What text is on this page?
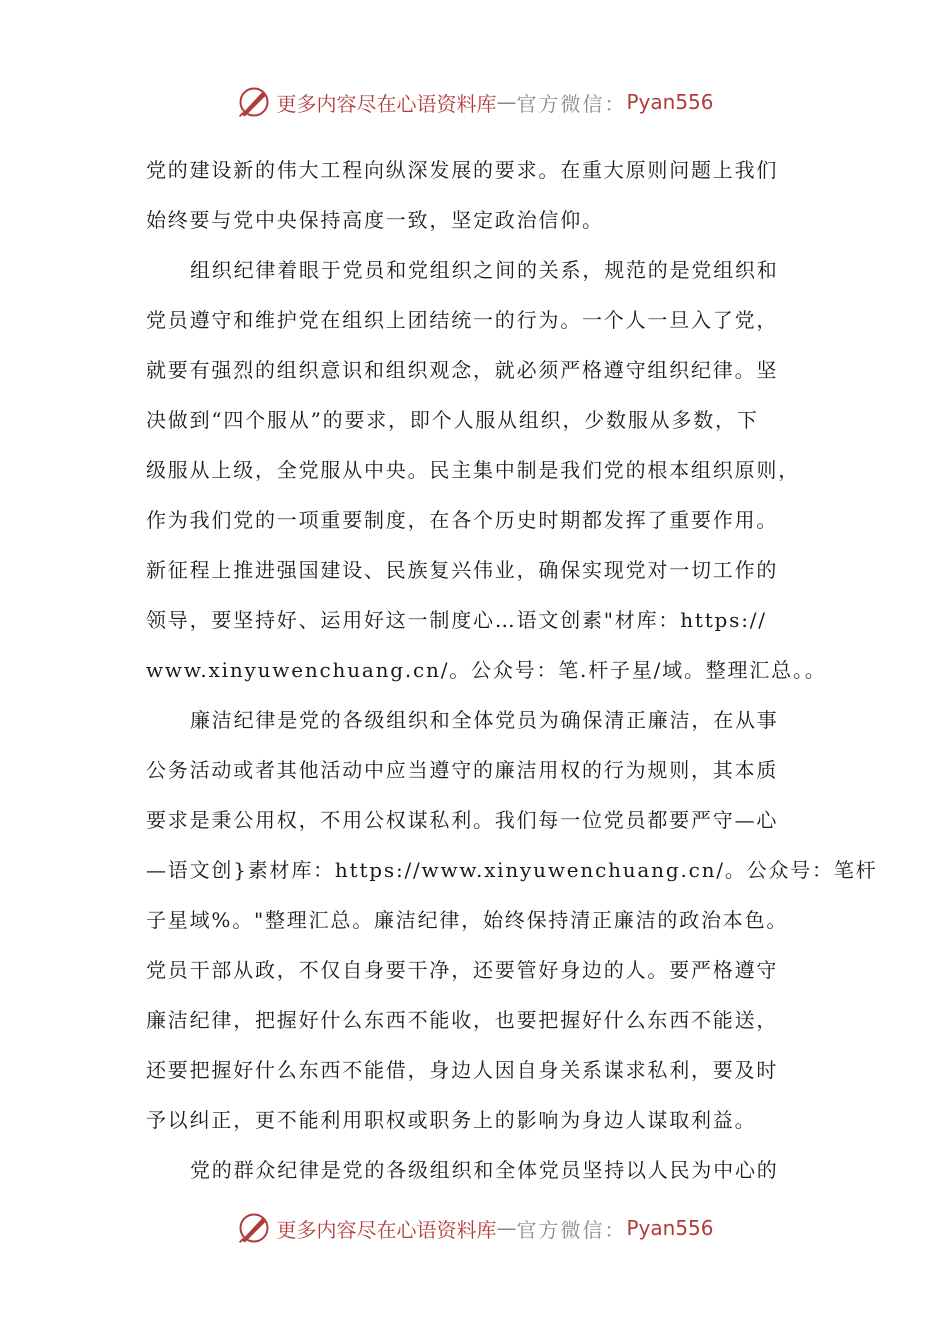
更多内容尽在心语资料库 — 官方微信： Pyan556
党的建设新的伟大工程向纵深发展的要求。在重大原则问题上我们
始终要与党中央保持高度一致，坚定政治信仰。
组织纪律着眼于党员和党组织之间的关系，规范的是党组织和
党员遵守和维护党在组织上团结统一的行为。一个人一旦入了党，
就要有强烈的组织意识和组织观念，就必须严格遵守组织纪律。坚
决做到“四个服从”的要求，即个人服从组织，少数服从多数，下
级服从上级，全党服从中央。民主集中制是我们党的根本组织原则，
作为我们党的一项重要制度，在各个历史时期都发挥了重要作用。
新征程上推进强国建设、民族复兴伟业，确保实现党对一切工作的
领导，要坚持好、运用好这一制度心…语文创素"材库：https://
www.xinyuwenchuang.cn/。公众号：笔.杆子星/域。整理汇总。。
廉洁纪律是党的各级组织和全体党员为确保清正廉洁，在从事
公务活动或者其他活动中应当遵守的廉洁用权的行为规则，其本质
要求是秉公用权，不用公权谋私利。我们每一位党员都要严守—心
—语文创}素材库：https://www.xinyuwenchuang.cn/。公众号：笔杆
子星域%。"整理汇总。廉洁纪律，始终保持清正廉洁的政治本色。
党员干部从政，不仅自身要干净，还要管好身边的人。要严格遵守
廉洁纪律，把握好什么东西不能收，也要把握好什么东西不能送，
还要把握好什么东西不能借，身边人因自身关系谋求私利，要及时
予以纠正，更不能利用职权或职务上的影响为身边人谋取利益。
党的群众纪律是党的各级组织和全体党员坚持以人民为中心的
更多内容尽在心语资料库 — 官方微信： Pyan556
